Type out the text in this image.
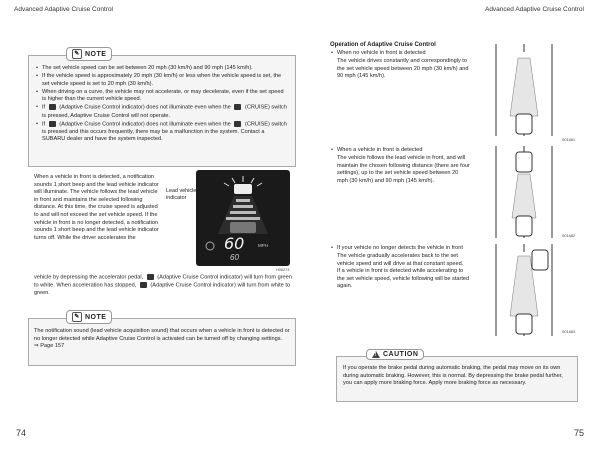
Advanced Adaptive Cruise Control	Advanced Adaptive Cruise Control
• The set vehicle speed can be set between 20 mph (30 km/h) and 90 mph (145 km/h).
• If the vehicle speed is approximately 20 mph (30 km/h) or less when the vehicle speed is set, the set vehicle speed is set to 20 mph (30 km/h).
• When driving on a curve, the vehicle may not accelerate, or may decelerate, even if the set speed is higher than the current vehicle speed.
• If  (Adaptive Cruise Control indicator) does not illuminate even when the  (CRUISE) switch is pressed, Adaptive Cruise Control will not operate.
• If  (Adaptive Cruise Control indicator) does not illuminate even when the  (CRUISE) switch is pressed and this occurs frequently, there may be a malfunction in the system. Contact a SUBARU dealer and have the system inspected.
✎ NOTE
When a vehicle in front is detected, a notification sounds 1 short beep and the lead vehicle indicator will illuminate. The vehicle follows the lead vehicle in front and maintains the selected following distance. At this time, the cruise speed is adjusted to and will not exceed the set vehicle speed. If the vehicle in front is no longer detected, a notification sounds 1 short beep and the lead vehicle indicator turns off. While the driver accelerates the
vehicle by depressing the accelerator pedal,  (Adaptive Cruise Control indicator) will turn from green to white. When acceleration has stopped,  (Adaptive Cruise Control indicator) will turn from white to green.
Lead vehicle indicator
60	MPH
60
H06273
The notification sound (lead vehicle acquisition sound) that occurs when a vehicle in front is detected or no longer detected while Adaptive Cruise Control is activated can be turned off by changing settings.
⇒ Page 157
✎ NOTE
74
Operation of Adaptive Cruise Control
• When no vehicle in front is detected
The vehicle drives constantly and correspondingly to the set vehicle speed between 20 mph (30 km/h) and 90 mph (145 km/h).
• When a vehicle in front is detected
The vehicle follows the lead vehicle in front, and will maintain the chosen following distance (there are four settings), up to the set vehicle speed between 20 mph (30 km/h) and 90 mph (145 km/h).
• If your vehicle no longer detects the vehicle in front
The vehicle gradually accelerates back to the set vehicle speed and will drive at that constant speed.
If a vehicle in front is detected while accelerating to the set vehicle speed, vehicle following will be started again.
S01681
S01682
S01683
If you operate the brake pedal during automatic braking, the pedal may move on its own during automatic braking. However, this is normal. By depressing the brake pedal further, you can apply more braking force. Apply more braking force as necessary.
!
CAUTION
75
